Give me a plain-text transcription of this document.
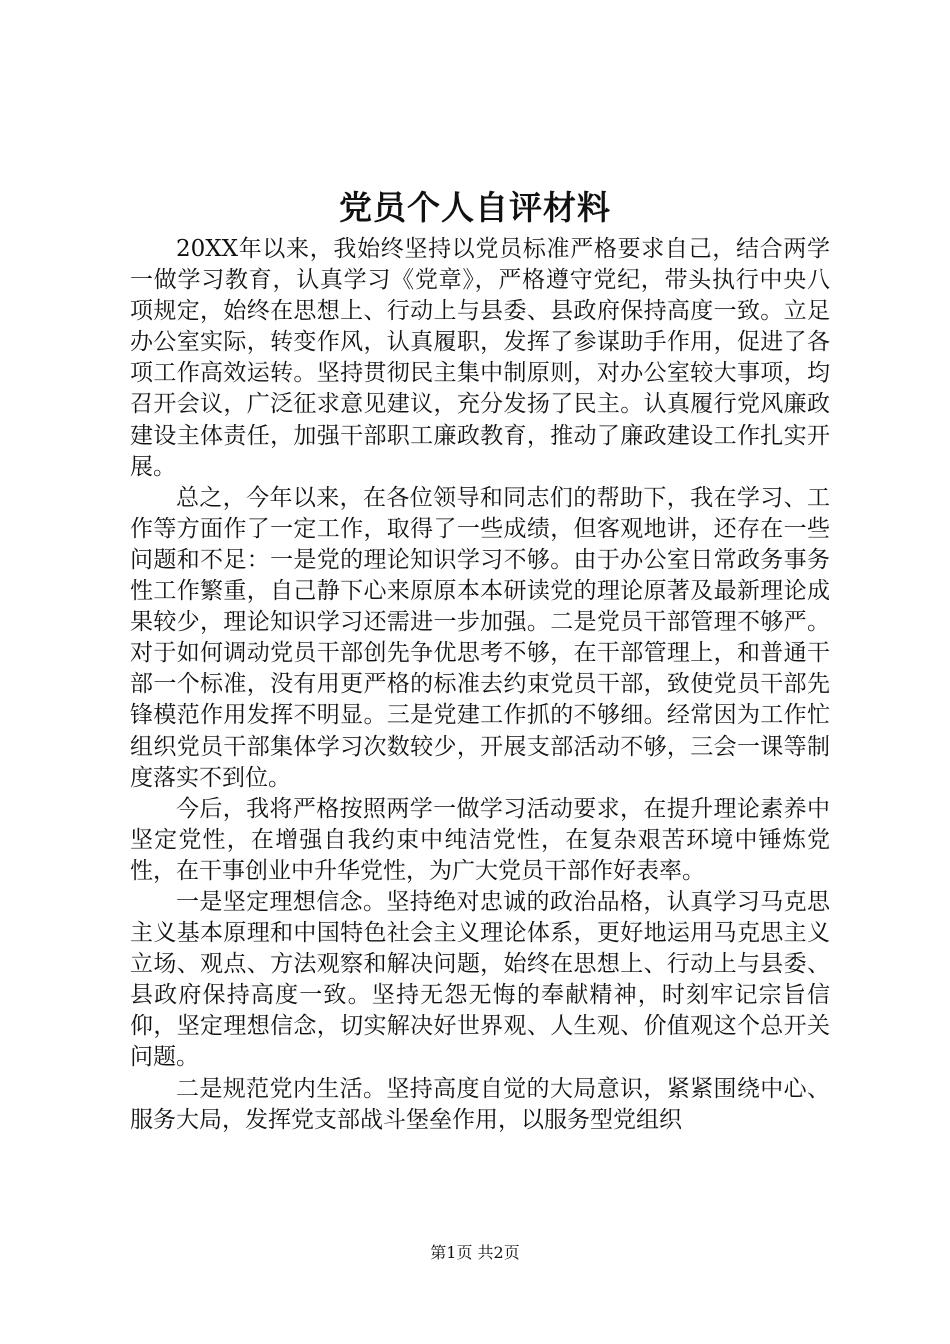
党员个人自评材料

20XX年以来，我始终坚持以党员标准严格要求自己，结合两学一做学习教育，认真学习《党章》，严格遵守党纪，带头执行中央八项规定，始终在思想上、行动上与县委、县政府保持高度一致。立足办公室实际，转变作风，认真履职，发挥了参谋助手作用，促进了各项工作高效运转。坚持贯彻民主集中制原则，对办公室较大事项，均召开会议，广泛征求意见建议，充分发扬了民主。认真履行党风廉政建设主体责任，加强干部职工廉政教育，推动了廉政建设工作扎实开展。

总之，今年以来，在各位领导和同志们的帮助下，我在学习、工作等方面作了一定工作，取得了一些成绩，但客观地讲，还存在一些问题和不足：一是党的理论知识学习不够。由于办公室日常政务事务性工作繁重，自己静下心来原原本本研读党的理论原著及最新理论成果较少，理论知识学习还需进一步加强。二是党员干部管理不够严。对于如何调动党员干部创先争优思考不够，在干部管理上，和普通干部一个标准，没有用更严格的标准去约束党员干部，致使党员干部先锋模范作用发挥不明显。三是党建工作抓的不够细。经常因为工作忙组织党员干部集体学习次数较少，开展支部活动不够，三会一课等制度落实不到位。

今后，我将严格按照两学一做学习活动要求，在提升理论素养中坚定党性，在增强自我约束中纯洁党性，在复杂艰苦环境中锤炼党性，在干事创业中升华党性，为广大党员干部作好表率。

一是坚定理想信念。坚持绝对忠诚的政治品格，认真学习马克思主义基本原理和中国特色社会主义理论体系，更好地运用马克思主义立场、观点、方法观察和解决问题，始终在思想上、行动上与县委、县政府保持高度一致。坚持无怨无悔的奉献精神，时刻牢记宗旨信仰，坚定理想信念，切实解决好世界观、人生观、价值观这个总开关问题。

二是规范党内生活。坚持高度自觉的大局意识，紧紧围绕中心、服务大局，发挥党支部战斗堡垒作用，以服务型党组织

第1页 共2页
